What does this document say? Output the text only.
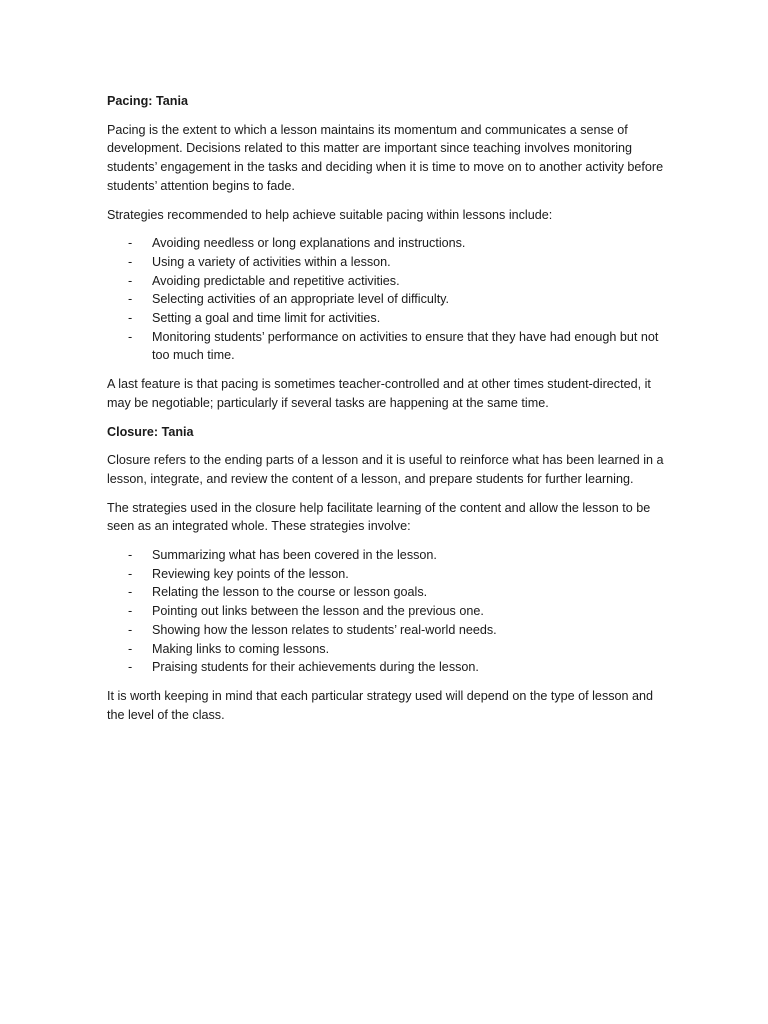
Pacing: Tania

Pacing is the extent to which a lesson maintains its momentum and communicates a sense of development. Decisions related to this matter are important since teaching involves monitoring students’ engagement in the tasks and deciding when it is time to move on to another activity before students’ attention begins to fade.

Strategies recommended to help achieve suitable pacing within lessons include:

- Avoiding needless or long explanations and instructions.
- Using a variety of activities within a lesson.
- Avoiding predictable and repetitive activities.
- Selecting activities of an appropriate level of difficulty.
- Setting a goal and time limit for activities.
- Monitoring students’ performance on activities to ensure that they have had enough but not too much time.

A last feature is that pacing is sometimes teacher-controlled and at other times student-directed, it may be negotiable; particularly if several tasks are happening at the same time.

Closure: Tania

Closure refers to the ending parts of a lesson and it is useful to reinforce what has been learned in a lesson, integrate, and review the content of a lesson, and prepare students for further learning.

The strategies used in the closure help facilitate learning of the content and allow the lesson to be seen as an integrated whole. These strategies involve:

- Summarizing what has been covered in the lesson.
- Reviewing key points of the lesson.
- Relating the lesson to the course or lesson goals.
- Pointing out links between the lesson and the previous one.
- Showing how the lesson relates to students’ real-world needs.
- Making links to coming lessons.
- Praising students for their achievements during the lesson.

It is worth keeping in mind that each particular strategy used will depend on the type of lesson and the level of the class.
